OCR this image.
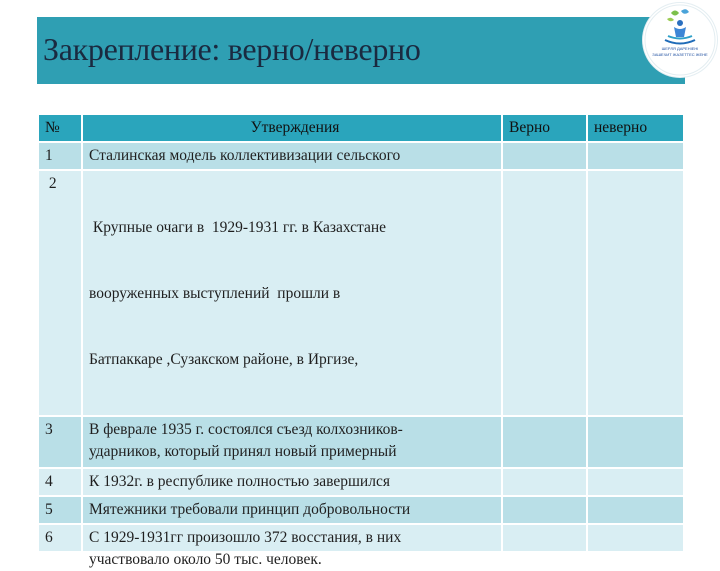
Закрепление: верно/неверно	ШЕРЛЯ ДАРЕНІЕНІ
ЗАШЕЧИТ ЖАЗЕТТЕС ЖЕНЕ
№	Утверждения	Верно	неверно
1	Сталинская модель коллективизации сельского		

2	Крупные очаги в  1929-1931 гг. в Казахстане

вооруженных выступлений  прошли в

Батпаккаре ,Сузакском районе, в Иргизе,		

3	В феврале 1935 г. состоялся съезд колхозников-
ударников, который принял новый примерный		

4	К 1932г. в республике полностью завершился		

5	Мятежники требовали принцип добровольности		

6	С 1929-1931гг произошло 372 восстания, в них
участвовало около 50 тыс. человек.		
